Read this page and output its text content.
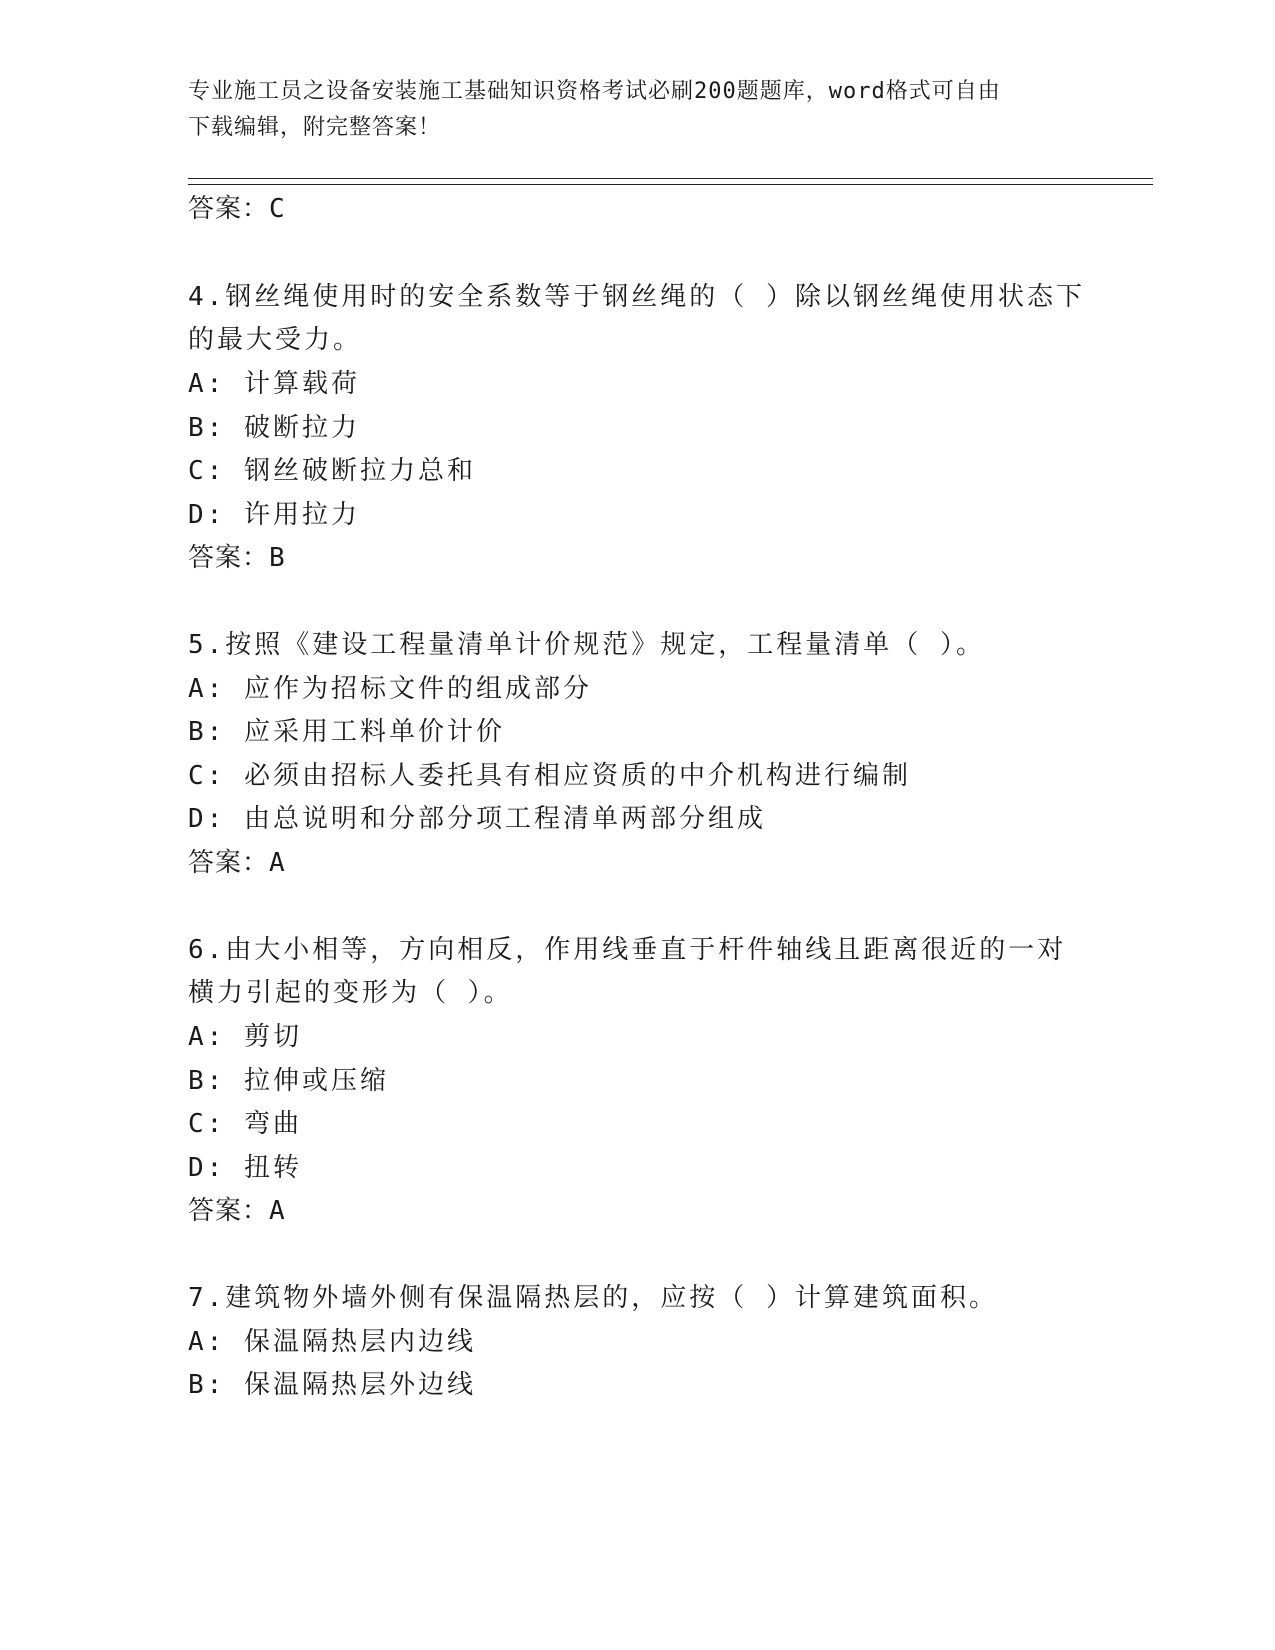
专业施工员之设备安装施工基础知识资格考试必刷200题题库，word格式可自由
下载编辑，附完整答案！
答案：C
4.钢丝绳使用时的安全系数等于钢丝绳的（ ）除以钢丝绳使用状态下
的最大受力。
A: 计算载荷
B: 破断拉力
C: 钢丝破断拉力总和
D: 许用拉力
答案：B
5.按照《建设工程量清单计价规范》规定，工程量清单（ ）。
A: 应作为招标文件的组成部分
B: 应采用工料单价计价
C: 必须由招标人委托具有相应资质的中介机构进行编制
D: 由总说明和分部分项工程清单两部分组成
答案：A
6.由大小相等，方向相反，作用线垂直于杆件轴线且距离很近的一对
横力引起的变形为（ ）。
A: 剪切
B: 拉伸或压缩
C: 弯曲
D: 扭转
答案：A
7.建筑物外墙外侧有保温隔热层的，应按（ ）计算建筑面积。
A: 保温隔热层内边线
B: 保温隔热层外边线
